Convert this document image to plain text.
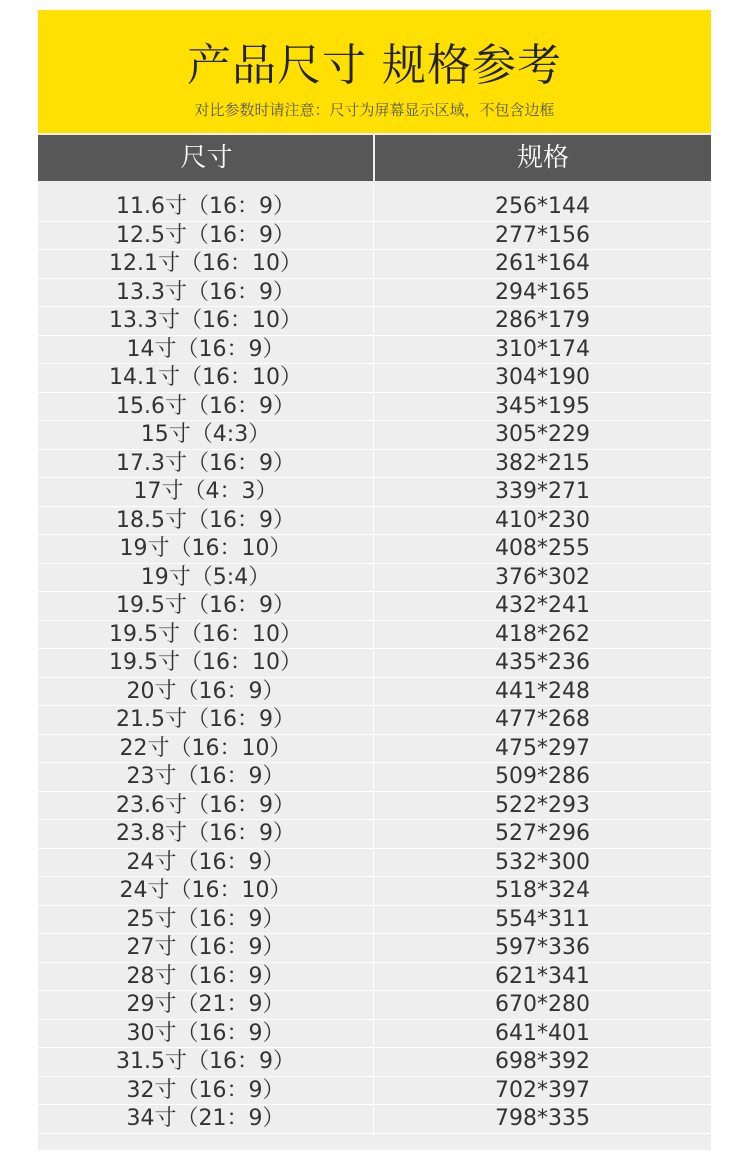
产品尺寸 规格参考
对比参数时请注意：尺寸为屏幕显示区域，不包含边框
尺寸	规格
11.6寸（16：9）	256*144
12.5寸（16：9）	277*156
12.1寸（16：10）	261*164
13.3寸（16：9）	294*165
13.3寸（16：10）	286*179
14寸（16：9）	310*174
14.1寸（16：10）	304*190
15.6寸（16：9）	345*195
15寸（4:3）	305*229
17.3寸（16：9）	382*215
17寸（4：3）	339*271
18.5寸（16：9）	410*230
19寸（16：10）	408*255
19寸（5:4）	376*302
19.5寸（16：9）	432*241
19.5寸（16：10）	418*262
19.5寸（16：10）	435*236
20寸（16：9）	441*248
21.5寸（16：9）	477*268
22寸（16：10）	475*297
23寸（16：9）	509*286
23.6寸（16：9）	522*293
23.8寸（16：9）	527*296
24寸（16：9）	532*300
24寸（16：10）	518*324
25寸（16：9）	554*311
27寸（16：9）	597*336
28寸（16：9）	621*341
29寸（21：9）	670*280
30寸（16：9）	641*401
31.5寸（16：9）	698*392
32寸（16：9）	702*397
34寸（21：9）	798*335
